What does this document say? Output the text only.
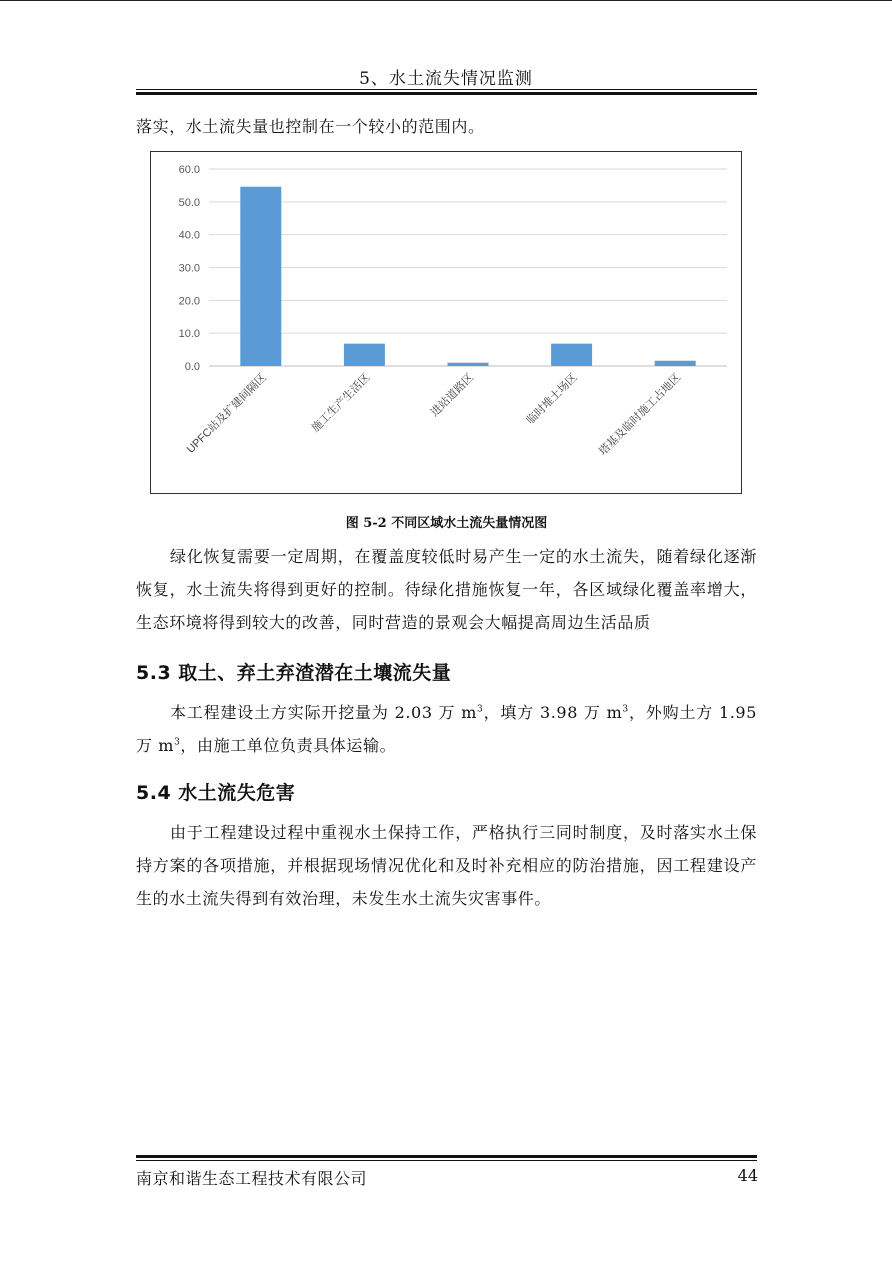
5、水土流失情况监测

落实，水土流失量也控制在一个较小的范围内。

0.0
10.0
20.0
30.0
40.0
50.0
60.0
UPFC站及扩建间隔区	施工生产生活区	进站道路区	临时堆土场区 塔基及临时施工占地区
图 5-2 不同区域水土流失量情况图

绿化恢复需要一定周期，在覆盖度较低时易产生一定的水土流失，随着绿化逐渐恢复，水土流失将得到更好的控制。待绿化措施恢复一年，各区域绿化覆盖率增大，生态环境将得到较大的改善，同时营造的景观会大幅提高周边生活品质

5.3 取土、弃土弃渣潜在土壤流失量

本工程建设土方实际开挖量为 2.03 万 $m^3$，填方 3.98 万 $m^3$，外购土方 1.95 万 $m^3$，由施工单位负责具体运输。

5.4 水土流失危害

由于工程建设过程中重视水土保持工作，严格执行三同时制度，及时落实水土保持方案的各项措施，并根据现场情况优化和及时补充相应的防治措施，因工程建设产生的水土流失得到有效治理，未发生水土流失灾害事件。

南京和谐生态工程技术有限公司	44
